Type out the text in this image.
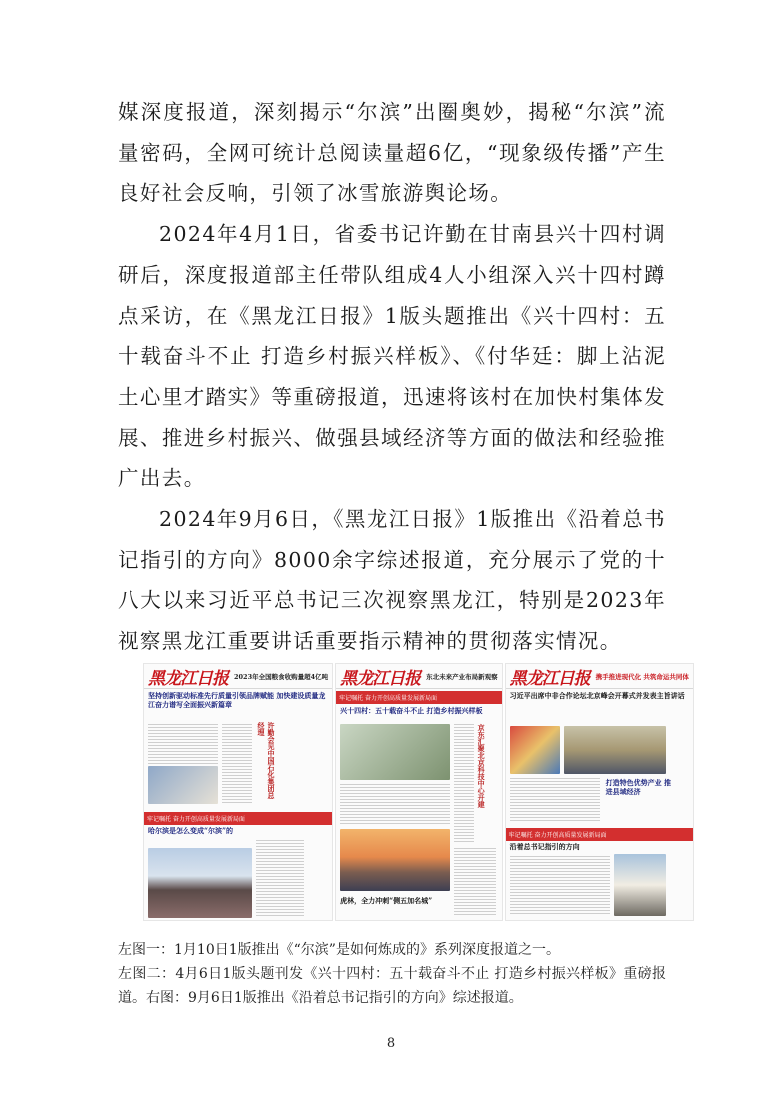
媒深度报道，深刻揭示“尔滨”出圈奥妙，揭秘“尔滨”流量密码，全网可统计总阅读量超6亿，“现象级传播”产生良好社会反响，引领了冰雪旅游舆论场。

2024年4月1日，省委书记许勤在甘南县兴十四村调研后，深度报道部主任带队组成4人小组深入兴十四村蹲点采访，在《黑龙江日报》1版头题推出《兴十四村：五十载奋斗不止 打造乡村振兴样板》、《付华廷：脚上沾泥土心里才踏实》等重磅报道，迅速将该村在加快村集体发展、推进乡村振兴、做强县域经济等方面的做法和经验推广出去。

2024年9月6日，《黑龙江日报》1版推出《沿着总书记指引的方向》8000余字综述报道，充分展示了党的十八大以来习近平总书记三次视察黑龙江，特别是2023年视察黑龙江重要讲话重要指示精神的贯彻落实情况。

黑龙江日报 2023年全国粮食收购量超4亿吨
坚持创新驱动标准先行质量引领品牌赋能 加快建设质量龙江奋力谱写全面振兴新篇章
许勤会见中国石化集团总经理
牢记嘱托 奋力开创高质量发展新局面
哈尔滨是怎么变成“尔滨”的
黑龙江日报 东北未来产业布局新观察
牢记嘱托 奋力开创高质量发展新局面
兴十四村：五十载奋斗不止 打造乡村振兴样板
京东汇聚北京科技中心开建
虎林，全力冲刺“侧五加名城”
黑龙江日报 携手推进现代化 共筑命运共同体
习近平出席中非合作论坛北京峰会开幕式并发表主旨讲话
打造特色优势产业 推进县域经济
牢记嘱托 奋力开创高质量发展新局面
沿着总书记指引的方向

左图一：1月10日1版推出《“尔滨”是如何炼成的》系列深度报道之一。

左图二：4月6日1版头题刊发《兴十四村：五十载奋斗不止 打造乡村振兴样板》重磅报道。右图：9月6日1版推出《沿着总书记指引的方向》综述报道。

8
